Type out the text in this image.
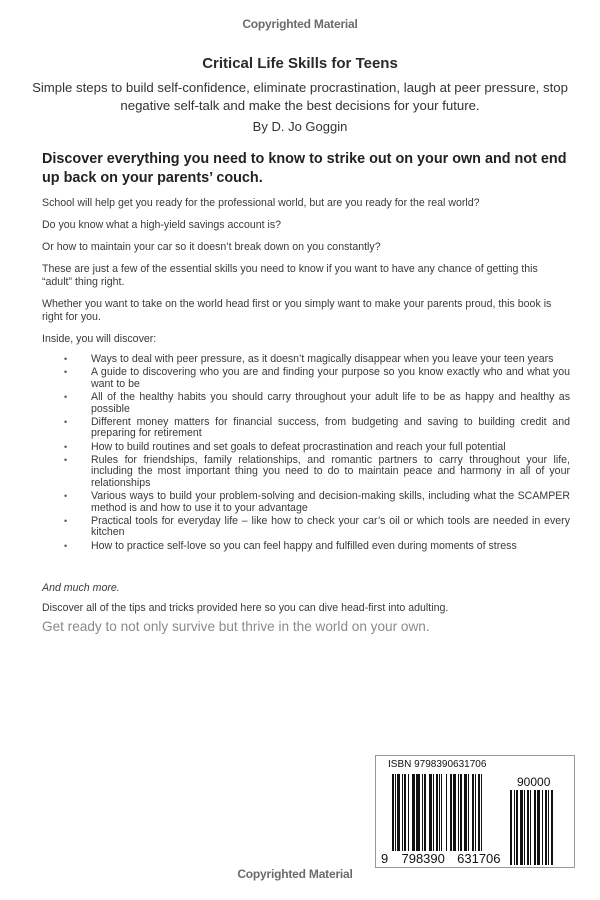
Copyrighted Material
Critical Life Skills for Teens
Simple steps to build self-confidence, eliminate procrastination, laugh at peer pressure, stop negative self-talk and make the best decisions for your future.
By D. Jo Goggin
Discover everything you need to know to strike out on your own and not end up back on your parents’ couch.

School will help get you ready for the professional world, but are you ready for the real world?

Do you know what a high-yield savings account is?

Or how to maintain your car so it doesn’t break down on you constantly?

These are just a few of the essential skills you need to know if you want to have any chance of getting this “adult” thing right.

Whether you want to take on the world head first or you simply want to make your parents proud, this book is right for you.

Inside, you will discover:

• Ways to deal with peer pressure, as it doesn’t magically disappear when you leave your teen years
• A guide to discovering who you are and finding your purpose so you know exactly who and what you want to be
• All of the healthy habits you should carry throughout your adult life to be as happy and healthy as possible
• Different money matters for financial success, from budgeting and saving to building credit and preparing for retirement
• How to build routines and set goals to defeat procrastination and reach your full potential
• Rules for friendships, family relationships, and romantic partners to carry throughout your life, including the most important thing you need to do to maintain peace and harmony in all of your relationships
• Various ways to build your problem-solving and decision-making skills, including what the SCAMPER method is and how to use it to your advantage
• Practical tools for everyday life – like how to check your car’s oil or which tools are needed in every kitchen
• How to practice self-love so you can feel happy and fulfilled even during moments of stress
And much more.
Discover all of the tips and tricks provided here so you can dive head-first into adulting.
Get ready to not only survive but thrive in the world on your own.
ISBN 9798390631706
90000
9 798390 631706
Copyrighted Material
